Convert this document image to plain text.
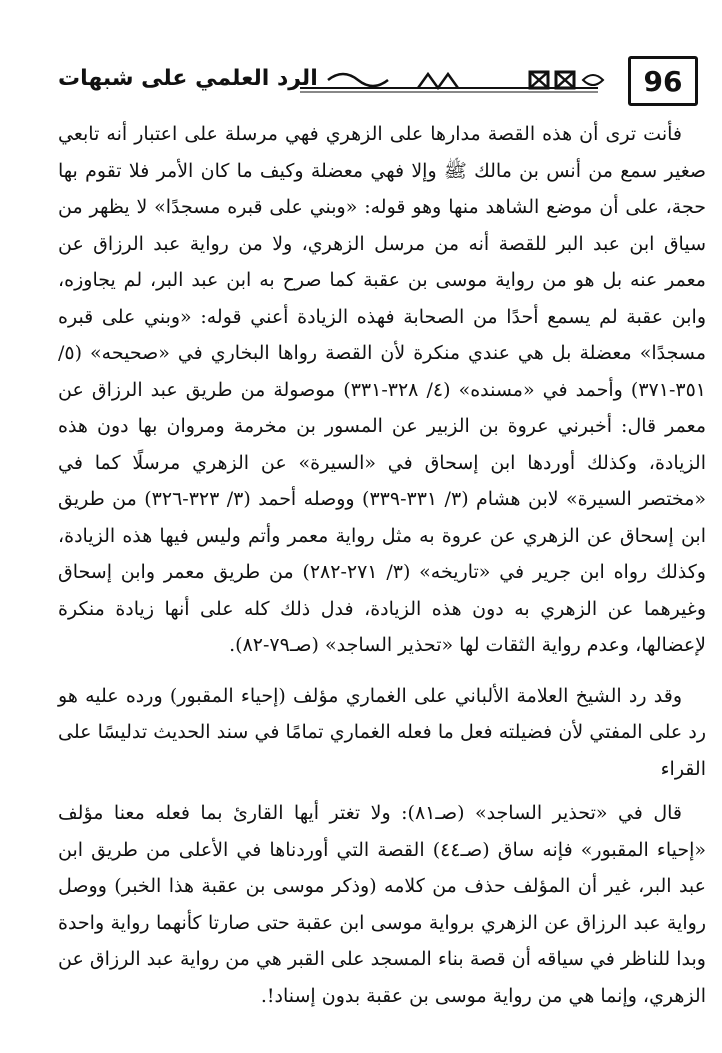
الرد العلمي على شبهات	96

فأنت ترى أن هذه القصة مدارها على الزهري فهي مرسلة على اعتبار أنه تابعي صغير سمع من أنس بن مالك ﷺ وإلا فهي معضلة وكيف ما كان الأمر فلا تقوم بها حجة، على أن موضع الشاهد منها وهو قوله: «وبني على قبره مسجدًا» لا يظهر من سياق ابن عبد البر للقصة أنه من مرسل الزهري، ولا من رواية عبد الرزاق عن معمر عنه بل هو من رواية موسى بن عقبة كما صرح به ابن عبد البر، لم يجاوزه، وابن عقبة لم يسمع أحدًا من الصحابة فهذه الزيادة أعني قوله: «وبني على قبره مسجدًا» معضلة بل هي عندي منكرة لأن القصة رواها البخاري في «صحيحه» (٥/ ٣٥١-٣٧١) وأحمد في «مسنده» (٤/ ٣٢٨-٣٣١) موصولة من طريق عبد الرزاق عن معمر قال: أخبرني عروة بن الزبير عن المسور بن مخرمة ومروان بها دون هذه الزيادة، وكذلك أوردها ابن إسحاق في «السيرة» عن الزهري مرسلًا كما في «مختصر السيرة» لابن هشام (٣/ ٣٣١-٣٣٩) ووصله أحمد (٣/ ٣٢٣-٣٢٦) من طريق ابن إسحاق عن الزهري عن عروة به مثل رواية معمر وأتم وليس فيها هذه الزيادة، وكذلك رواه ابن جرير في «تاريخه» (٣/ ٢٧١-٢٨٢) من طريق معمر وابن إسحاق وغيرهما عن الزهري به دون هذه الزيادة، فدل ذلك كله على أنها زيادة منكرة لإعضالها، وعدم رواية الثقات لها «تحذير الساجد» (صـ٧٩-٨٢).

وقد رد الشيخ العلامة الألباني على الغماري مؤلف (إحياء المقبور) ورده عليه هو رد على المفتي لأن فضيلته فعل ما فعله الغماري تمامًا في سند الحديث تدليسًا على القراء

قال في «تحذير الساجد» (صـ٨١): ولا تغتر أيها القارئ بما فعله معنا مؤلف «إحياء المقبور» فإنه ساق (صـ٤٤) القصة التي أوردناها في الأعلى من طريق ابن عبد البر، غير أن المؤلف حذف من كلامه (وذكر موسى بن عقبة هذا الخبر) ووصل رواية عبد الرزاق عن الزهري برواية موسى ابن عقبة حتى صارتا كأنهما رواية واحدة وبدا للناظر في سياقه أن قصة بناء المسجد على القبر هي من رواية عبد الرزاق عن الزهري، وإنما هي من رواية موسى بن عقبة بدون إسناد!.
